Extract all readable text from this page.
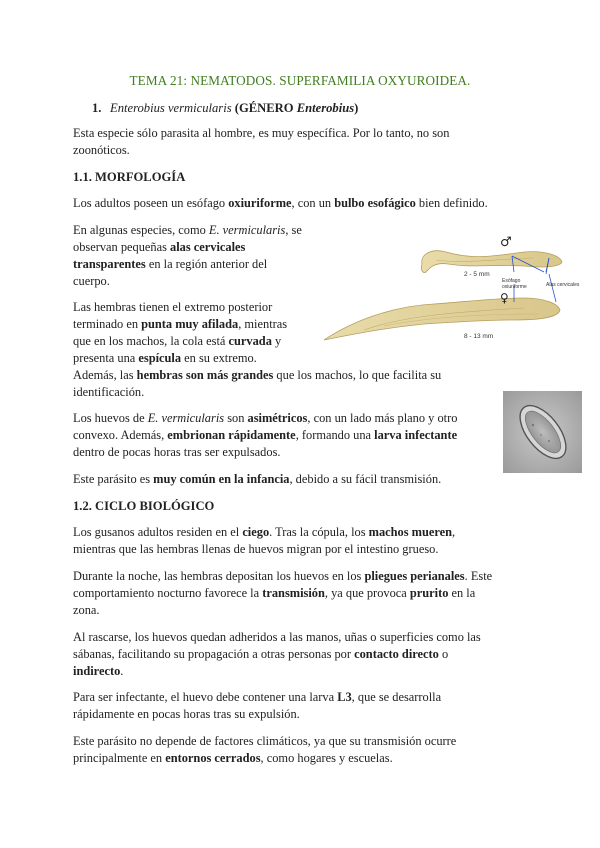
TEMA 21: NEMATODOS. SUPERFAMILIA OXYUROIDEA.
1. Enterobius vermicularis (GÉNERO Enterobius)
Esta especie sólo parasita al hombre, es muy específica. Por lo tanto, no son
zoonóticos.
1.1. MORFOLOGÍA
Los adultos poseen un esófago oxiuriforme, con un bulbo esofágico bien definido.
En algunas especies, como E. vermicularis, se
observan pequeñas alas cervicales
transparentes en la región anterior del
cuerpo.
Las hembras tienen el extremo posterior
terminado en punta muy afilada, mientras
que en los machos, la cola está curvada y
presenta una espícula en su extremo.
Además, las hembras son más grandes que los machos, lo que facilita su
identificación.
Los huevos de E. vermicularis son asimétricos, con un lado más plano y otro
convexo. Además, embrionan rápidamente, formando una larva infectante
dentro de pocas horas tras ser expulsados.
Este parásito es muy común en la infancia, debido a su fácil transmisión.
1.2. CICLO BIOLÓGICO
Los gusanos adultos residen en el ciego. Tras la cópula, los machos mueren,
mientras que las hembras llenas de huevos migran por el intestino grueso.
Durante la noche, las hembras depositan los huevos en los pliegues perianales. Este
comportamiento nocturno favorece la transmisión, ya que provoca prurito en la
zona.
Al rascarse, los huevos quedan adheridos a las manos, uñas o superficies como las
sábanas, facilitando su propagación a otras personas por contacto directo o
indirecto.
Para ser infectante, el huevo debe contener una larva L3, que se desarrolla
rápidamente en pocas horas tras su expulsión.
Este parásito no depende de factores climáticos, ya que su transmisión ocurre
principalmente en entornos cerrados, como hogares y escuelas.
♂
2 - 5 mm
♀
8 - 13 mm
Esófago
oxiuriforme	Alas cervicales
